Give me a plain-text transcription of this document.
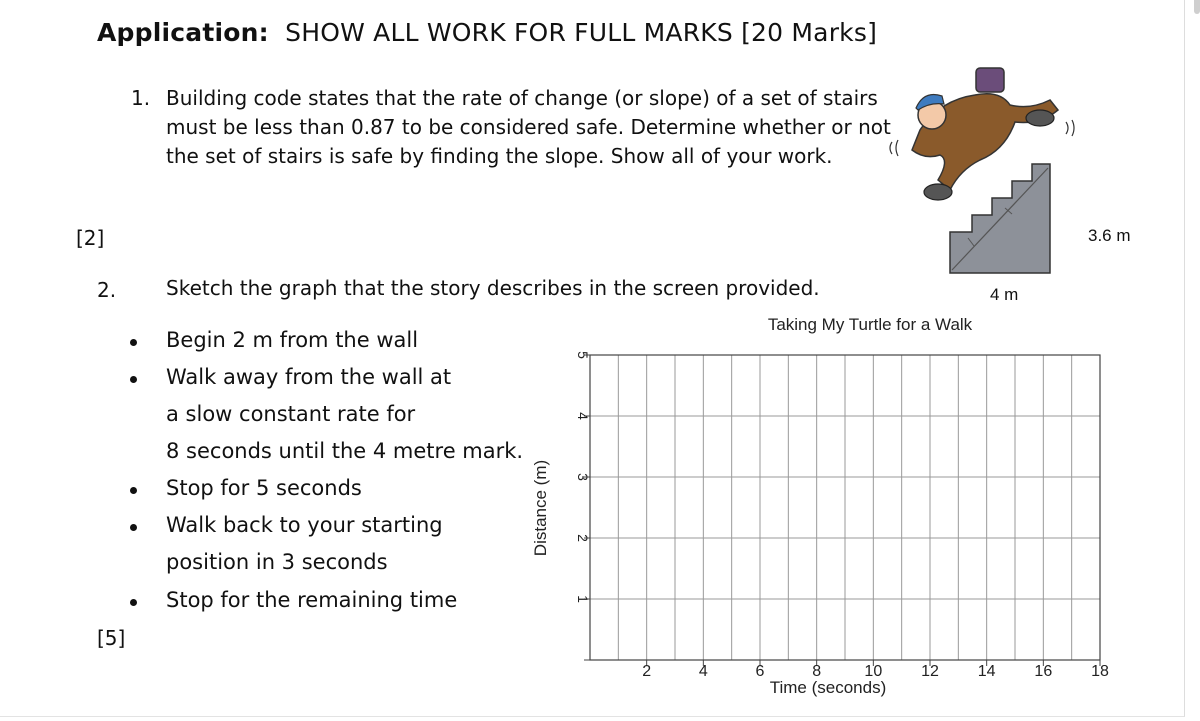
Application: SHOW ALL WORK FOR FULL MARKS [20 Marks]
1. Building code states that the rate of change (or slope) of a set of stairs
must be less than 0.87 to be considered safe. Determine whether or not
the set of stairs is safe by finding the slope. Show all of your work.
[2]	3.6 m
4 m
2. Sketch the graph that the story describes in the screen provided.
Begin 2 m from the wall
Walk away from the wall at
a slow constant rate for
8 seconds until the 4 metre mark.
Stop for 5 seconds
Walk back to your starting
position in 3 seconds
Stop for the remaining time
[5]
2	4	6	8	10 12 14 16 18
1
2
3
4
5
Taking My Turtle for a Walk
Time (seconds)
Distance (m)
